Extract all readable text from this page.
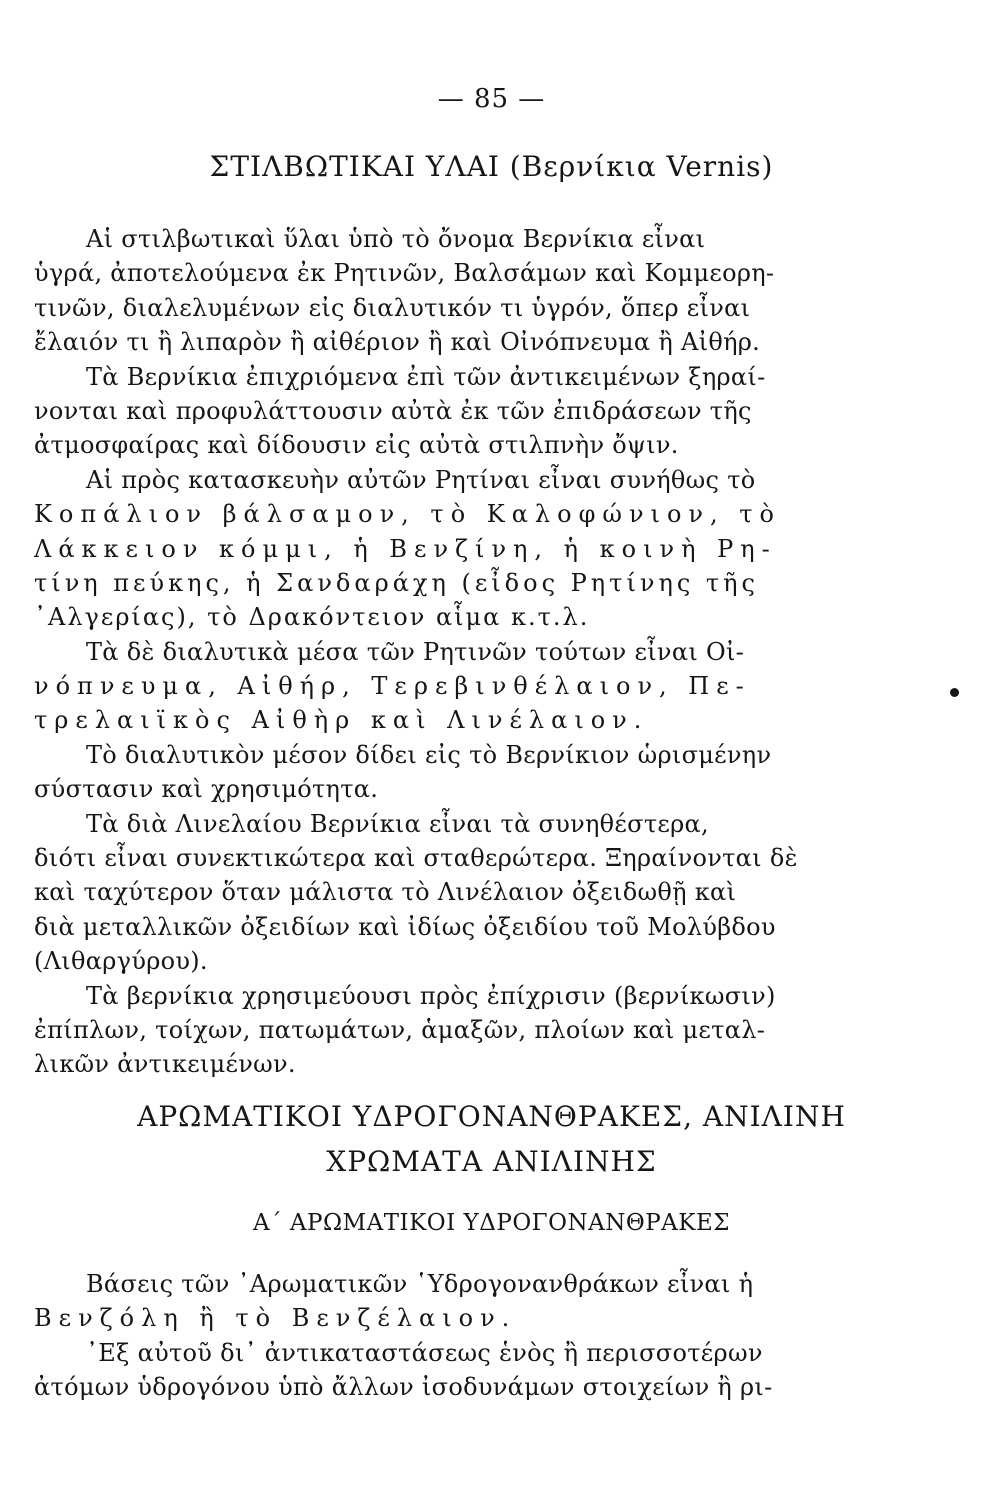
— 85 —
ΣΤΙΛΒΩΤΙΚΑΙ ΥΛΑΙ (Βερνίκια Vernis)
Αἱ στιλβωτικαὶ ὕλαι ὑπὸ τὸ ὄνομα Βερνίκια εἶναι
ὑγρά, ἀποτελούμενα ἐκ Ρητινῶν, Βαλσάμων καὶ Κομμεορη-
τινῶν, διαλελυμένων εἰς διαλυτικόν τι ὑγρόν, ὅπερ εἶναι
ἔλαιόν τι ἢ λιπαρὸν ἢ αἰθέριον ἢ καὶ Οἰνόπνευμα ἢ Αἰθήρ.
Τὰ Βερνίκια ἐπιχριόμενα ἐπὶ τῶν ἀντικειμένων ξηραί-
νονται καὶ προφυλάττουσιν αὐτὰ ἐκ τῶν ἐπιδράσεων τῆς
ἀτμοσφαίρας καὶ δίδουσιν εἰς αὐτὰ στιλπνὴν ὄψιν.
Αἱ πρὸς κατασκευὴν αὐτῶν Ρητίναι εἶναι συνήθως τὸ
Κοπάλιον βάλσαμον, τὸ Καλοφώνιον, τὸ
Λάκκειον κόμμι, ἡ Βενζίνη, ἡ κοινὴ Ρη-
τίνη πεύκης, ἡ Σανδαράχη (εἶδος Ρητίνης τῆς
᾽Αλγερίας), τὸ Δρακόντειον αἷμα κ.τ.λ.
Τὰ δὲ διαλυτικὰ μέσα τῶν Ρητινῶν τούτων εἶναι Οἰ-
νόπνευμα, Αἰθήρ, Τερεβινθέλαιον, Πε-
τρελαιϊκὸς Αἰθὴρ καὶ Λινέλαιον.
Τὸ διαλυτικὸν μέσον δίδει εἰς τὸ Βερνίκιον ὡρισμένην
σύστασιν καὶ χρησιμότητα.
Τὰ διὰ Λινελαίου Βερνίκια εἶναι τὰ συνηθέστερα,
διότι εἶναι συνεκτικώτερα καὶ σταθερώτερα. Ξηραίνονται δὲ
καὶ ταχύτερον ὅταν μάλιστα τὸ Λινέλαιον ὀξειδωθῇ καὶ
διὰ μεταλλικῶν ὀξειδίων καὶ ἰδίως ὀξειδίου τοῦ Μολύβδου
(Λιθαργύρου).
Τὰ βερνίκια χρησιμεύουσι πρὸς ἐπίχρισιν (βερνίκωσιν)
ἐπίπλων, τοίχων, πατωμάτων, ἁμαξῶν, πλοίων καὶ μεταλ-
λικῶν ἀντικειμένων.
ΑΡΩΜΑΤΙΚΟΙ ΥΔΡΟΓΟΝΑΝΘΡΑΚΕΣ, ΑΝΙΛΙΝΗ
ΧΡΩΜΑΤΑ ΑΝΙΛΙΝΗΣ
Α΄ ΑΡΩΜΑΤΙΚΟΙ ΥΔΡΟΓΟΝΑΝΘΡΑΚΕΣ
Βάσεις τῶν ᾽Αρωματικῶν ῾Υδρογονανθράκων εἶναι ἡ
Βενζόλη ἢ τὸ Βενζέλαιον.
᾽Εξ αὐτοῦ δι᾽ ἀντικαταστάσεως ἑνὸς ἢ περισσοτέρων
ἀτόμων ὑδρογόνου ὑπὸ ἄλλων ἰσοδυνάμων στοιχείων ἢ ρι-
